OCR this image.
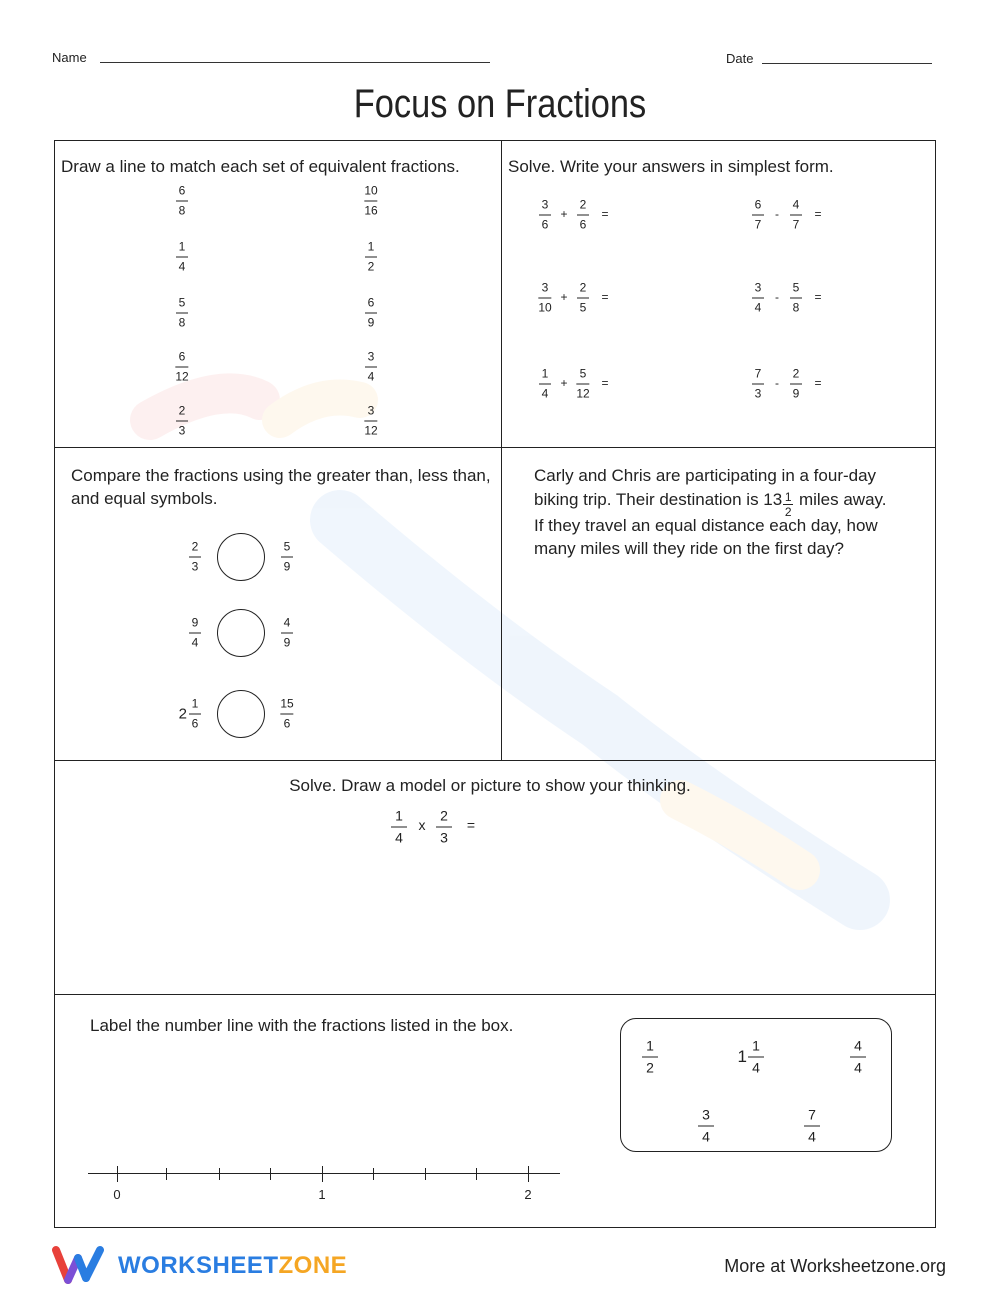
Name	Date
Focus on Fractions
Draw a line to match each set of equivalent fractions.
6
8
1
4
5
8
6
12
2
3
10
16
1
2
6
9
3
4
3
12
Solve. Write your answers in simplest form.
3
6
+
2
6
=
6
7
-
4
7
=
3
10
+
2
5
=
3
4
-
5
8
=
1
4
+
5
12
=
7
3
-
2
9
=
Compare the fractions using the greater than, less than, and equal symbols.
2
3
5
9
9
4
4
9
2
1
6
15
6
Carly and Chris are participating in a four-day
biking trip. Their destination is $13 \frac{1}{2}$ miles away.
If they travel an equal distance each day, how
many miles will they ride on the first day?
Solve. Draw a model or picture to show your thinking.
1
4
x
2
3
=
Label the number line with the fractions listed in the box.
0	1	2
1
2
1
1
4
4
4
3
4
7
4
WORKSHEETZONE	More at Worksheetzone.org
